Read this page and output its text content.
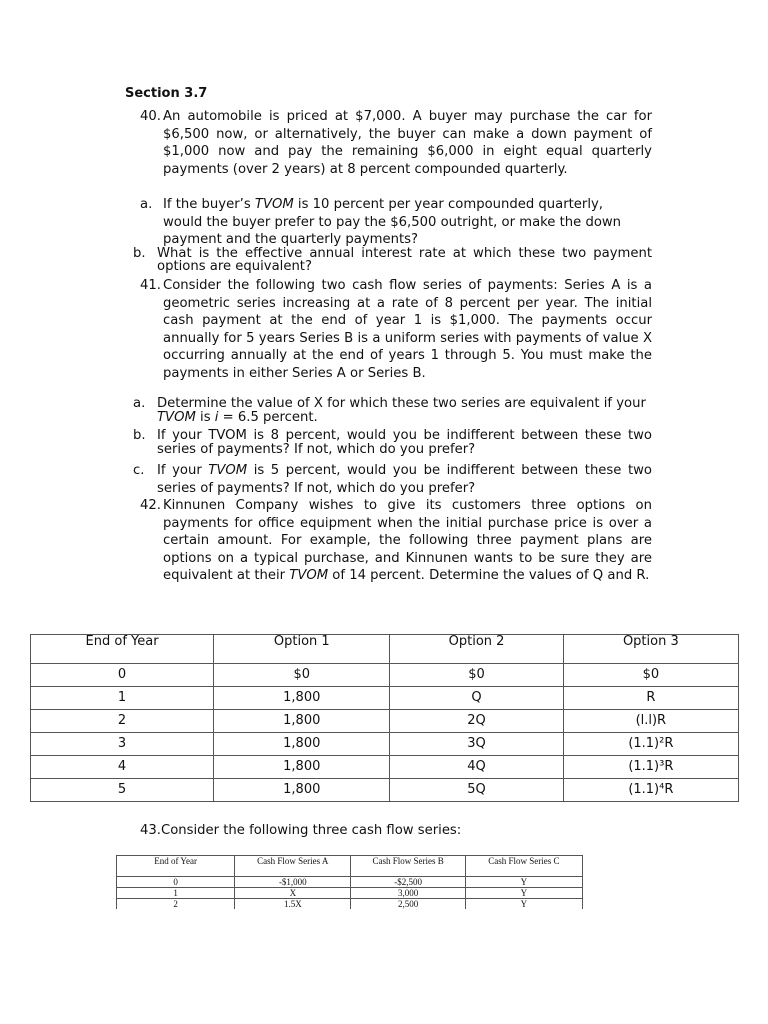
Section 3.7
40. An automobile is priced at $7,000. A buyer may purchase the car for $6,500 now, or alternatively, the buyer can make a down payment of $1,000 now and pay the remaining $6,000 in eight equal quarterly payments (over 2 years) at 8 percent compounded quarterly.
a. If the buyer’s TVOM is 10 percent per year compounded quarterly, would the buyer prefer to pay the $6,500 outright, or make the down payment and the quarterly payments?
b. What is the effective annual interest rate at which these two payment options are equivalent?
41. Consider the following two cash flow series of payments: Series A is a geometric series increasing at a rate of 8 percent per year. The initial cash payment at the end of year 1 is $1,000. The payments occur annually for 5 years Series B is a uniform series with payments of value X occurring annually at the end of years 1 through 5. You must make the payments in either Series A or Series B.
a. Determine the value of X for which these two series are equivalent if your TVOM is i = 6.5 percent.
b. If your TVOM is 8 percent, would you be indifferent between these two series of payments? If not, which do you prefer?
c. If your TVOM is 5 percent, would you be indifferent between these two series of payments? If not, which do you prefer?
42. Kinnunen Company wishes to give its customers three options on payments for office equipment when the initial purchase price is over a certain amount. For example, the following three payment plans are options on a typical purchase, and Kinnunen wants to be sure they are equivalent at their TVOM of 14 percent. Determine the values of Q and R.
End of Year	Option 1	Option 2	Option 3
0	$0	$0	$0
1	1,800	Q	R
2	1,800	2Q	(l.l)R
3	1,800	3Q	(1.1)²R
4	1,800	4Q	(1.1)³R
5	1,800	5Q	(1.1)⁴R
43.Consider the following three cash flow series:
End of Year	Cash Flow Series A	Cash Flow Series B	Cash Flow Series C
0	-$1,000	-$2,500	Y
1	X	3,000	Y
2	1.5X	2,500	Y
